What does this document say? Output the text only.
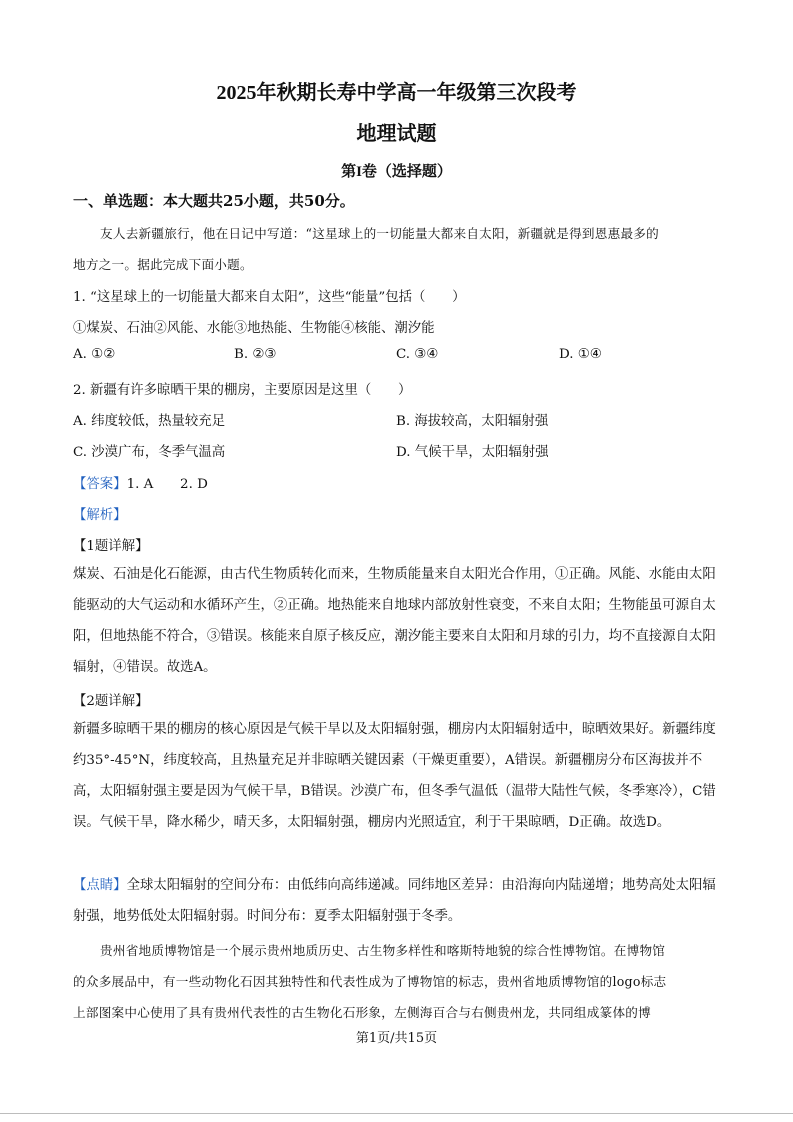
2025年秋期长寿中学高一年级第三次段考
地理试题
第I卷（选择题）
一、单选题：本大题共25小题，共50分。
友人去新疆旅行，他在日记中写道：“这星球上的一切能量大都来自太阳，新疆就是得到恩惠最多的
地方之一。据此完成下面小题。
1. “这星球上的一切能量大都来自太阳”，这些“能量”包括（　　）
①煤炭、石油②风能、水能③地热能、生物能④核能、潮汐能
A. ①②	B. ②③	C. ③④	D. ①④
2. 新疆有许多晾晒干果的棚房，主要原因是这里（　　）
A. 纬度较低，热量较充足	B. 海拔较高，太阳辐射强
C. 沙漠广布，冬季气温高	D. 气候干旱，太阳辐射强
【答案】1. A　　2. D
【解析】
【1题详解】

煤炭、石油是化石能源，由古代生物质转化而来，生物质能量来自太阳光合作用，①正确。风能、水能由太阳能驱动的大气运动和水循环产生，②正确。地热能来自地球内部放射性衰变，不来自太阳；生物能虽可源自太阳，但地热能不符合，③错误。核能来自原子核反应，潮汐能主要来自太阳和月球的引力，均不直接源自太阳辐射，④错误。故选A。

【2题详解】

新疆多晾晒干果的棚房的核心原因是气候干旱以及太阳辐射强，棚房内太阳辐射适中，晾晒效果好。新疆纬度约35°-45°N，纬度较高，且热量充足并非晾晒关键因素（干燥更重要），A错误。新疆棚房分布区海拔并不高，太阳辐射强主要是因为气候干旱，B错误。沙漠广布，但冬季气温低（温带大陆性气候，冬季寒冷），C错误。气候干旱，降水稀少，晴天多，太阳辐射强，棚房内光照适宜，利于干果晾晒，D正确。故选D。

【点睛】全球太阳辐射的空间分布：由低纬向高纬递减。同纬地区差异：由沿海向内陆递增；地势高处太阳辐射强，地势低处太阳辐射弱。时间分布：夏季太阳辐射强于冬季。

贵州省地质博物馆是一个展示贵州地质历史、古生物多样性和喀斯特地貌的综合性博物馆。在博物馆
的众多展品中，有一些动物化石因其独特性和代表性成为了博物馆的标志，贵州省地质博物馆的logo标志
上部图案中心使用了具有贵州代表性的古生物化石形象，左侧海百合与右侧贵州龙，共同组成篆体的博
第1页/共15页
